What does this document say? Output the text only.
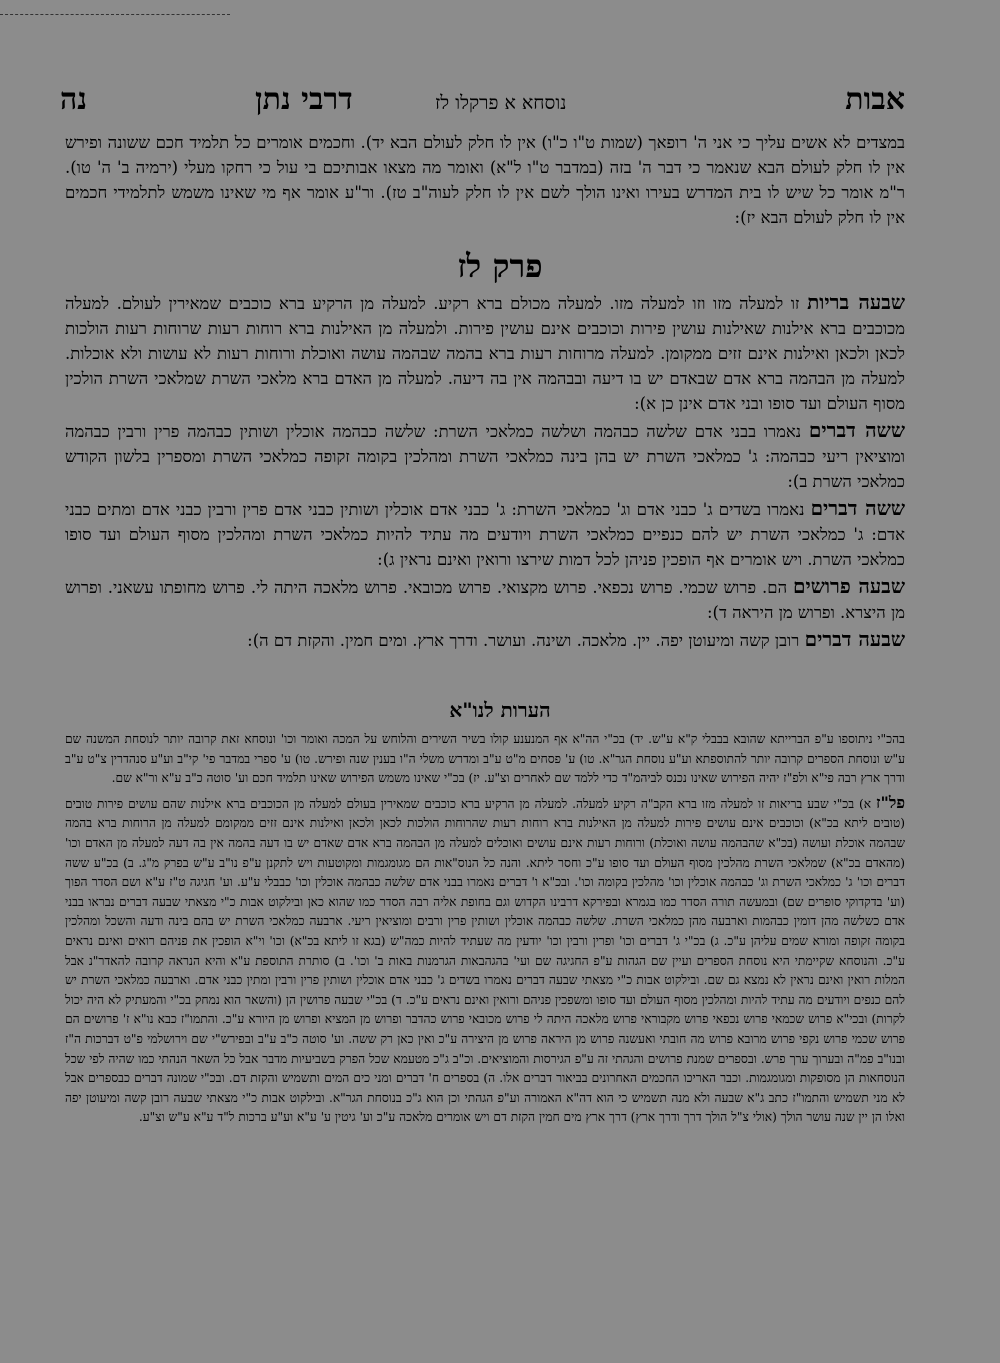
אבות
נוסחא א פרקלו לז
דרבי נתן
נה

במצדים לא אשים עליך כי אני ה' רופאך (שמות ט"ו כ"ו) אין לו חלק לעולם הבא יד). וחכמים אומרים כל תלמיד חכם ששונה ופירש אין לו חלק לעולם הבא שנאמר כי דבר ה' בזה (במדבר ט"ו ל"א) ואומר מה מצאו אבותיכם בי עול כי רחקו מעלי (ירמיה ב' ה' טו). ר"מ אומר כל שיש לו בית המדרש בעירו ואינו הולך לשם אין לו חלק לעוה"ב טז). ור"ע אומר אף מי שאינו משמש לתלמידי חכמים אין לו חלק לעולם הבא יז):

פרק לז

שבעה בריות זו למעלה מזו וזו למעלה מזו. למעלה מכולם ברא רקיע. למעלה מן הרקיע ברא כוכבים שמאירין לעולם. למעלה מכוכבים ברא אילנות שאילנות עושין פירות וכוכבים אינם עושין פירות. ולמעלה מן האילנות ברא רוחות רעות שרוחות רעות הולכות לכאן ולכאן ואילנות אינם זזים ממקומן. למעלה מרוחות רעות ברא בהמה שבהמה עושה ואוכלת ורוחות רעות לא עושות ולא אוכלות. למעלה מן הבהמה ברא אדם שבאדם יש בו דיעה ובבהמה אין בה דיעה. למעלה מן האדם ברא מלאכי השרת שמלאכי השרת הולכין מסוף העולם ועד סופו ובני אדם אינן כן א):

ששה דברים נאמרו בבני אדם שלשה כבהמה ושלשה כמלאכי השרת: שלשה כבהמה אוכלין ושותין כבהמה פרין ורבין כבהמה ומוציאין ריעי כבהמה: ג' כמלאכי השרת יש בהן בינה כמלאכי השרת ומהלכין בקומה זקופה כמלאכי השרת ומספרין בלשון הקודש כמלאכי השרת ב):

ששה דברים נאמרו בשדים ג' כבני אדם וג' כמלאכי השרת: ג' כבני אדם אוכלין ושותין כבני אדם פרין ורבין כבני אדם ומתים כבני אדם: ג' כמלאכי השרת יש להם כנפיים כמלאכי השרת ויודעים מה עתיד להיות כמלאכי השרת ומהלכין מסוף העולם ועד סופו כמלאכי השרת. ויש אומרים אף הופכין פניהן לכל דמות שירצו ורואין ואינם נראין ג):

שבעה פרושים הם. פרוש שכמי. פרוש נכפאי. פרוש מקצואי. פרוש מכובאי. פרוש מלאכה היתה לי. פרוש מחופתו עשאני. ופרוש מן היצרא. ופרוש מן היראה ד):

שבעה דברים רובן קשה ומיעוטן יפה. יין. מלאכה. ושינה. ועושר. ודרך ארץ. ומים חמין. והקזת דם ה):

הערות לנו"א

בהכ"י ניתוספו ע"פ הברייתא שהובא בבבלי ק"א ע"ש. יד) בכ"י הה"א אף המנענע קולו בשיר השירים והלוחש על המכה ואומר וכו' ונוסחא זאת קרובה יותר לנוסחת המשנה שם ע"ש ונוסחת הספרים קרובה יותר להתוספתא וע"ע נוסחת הגר"א. טו) ע' פסחים מ"ט ע"ב ומדרש משלי ה"ו בענין שנה ופירש. טו) ע' ספרי במדבר פי' קי"ב וע"ע סנהדרין צ"ט ע"ב ודרך ארץ רבה פי"א ולפ"ז יהיה הפירוש שאינו נכנס לביהמ"ד כדי ללמד שם לאחרים וצ"ע. יז) בכ"י שאינו משמש הפירוש שאינו תלמיד חכם וע' סוטה כ"ב ע"א ור"א שם.

פל"ז א) בכ"י שבע בריאות זו למעלה מזו ברא הקב"ה רקיע למעלה. למעלה מן הרקיע ברא כוכבים שמאירין בעולם למעלה מן הכוכבים ברא אילנות שהם עושים פירות טובים (טובים ליתא בכ"א) וכוכבים אינם עושים פירות למעלה מן האילנות ברא רוחות רעות שהרוחות הולכות לכאן ולכאן ואילנות אינם זזים ממקומם למעלה מן הרוחות ברא בהמה שבהמה אוכלת ועושה (בכ"א שהבהמה עושה ואוכלת) ורוחות רעות אינם עושים ואוכלים למעלה מן הבהמה ברא אדם שאדם יש בו דעה בהמה אין בה דעה למעלה מן האדם וכו' (מהאדם בכ"א) שמלאכי השרת מהלכין מסוף העולם ועד סופו ע"כ וחסר ליתא. והנה כל הנוס"אות הם מגומגמות ומקוטעות ויש לתקנן ע"פ נו"ב ע"ש בפרק מ"ג. ב) בכ"ע ששה דברים וכו' ג' כמלאכי השרת וג' כבהמה אוכלין וכו' מהלכין בקומה וכו'. ובכ"א ו' דברים נאמרו בבני אדם שלשה כבהמה אוכלין וכו' כבבלי ע"ע. וע' חגיגה ט"ז ע"א ושם הסדר הפוך (וע' בדקדוקי סופרים שם) ובמעשה תורה הסדר כמו בגמרא ובפירקא דרבינו הקדוש וגם בחופת אליה רבה הסדר כמו שהוא כאן ובילקוט אבות כ"י מצאתי שבעה דברים נבראו בבני אדם כשלשה מהן דומין כבהמות וארבעה מהן כמלאכי השרת. שלשה כבהמה אוכלין ושותין פרין ורבים ומוציאין ריעי. ארבעה כמלאכי השרת יש בהם בינה ודעה והשכל ומהלכין בקומה זקופה ומורא שמים עליהן ע"כ. ג) בכ"י ג' דברים וכו' ופרין ורבין וכו' יודעין מה שעתיד להיות כמה"ש (בגא זו ליתא בכ"א) וכו' וי"א הופכין את פניהם רואים ואינם נראים ע"כ. והנוסחא שקיימתי היא נוסחת הספרים ועיין שם הגהות ע"פ החגיגה שם ועי' בהגהבאות הגרמנות באות ב' וכו'. ב) סותרת התוספת ע"א והיא הנראה קרובה להאדר"נ אבל המלות רואין ואינם נראין לא נמצא גם שם. ובילקוט אבות כ"י מצאתי שבעה דברים נאמרו בשדים ג' כבני אדם אוכלין ושותין פרין ורבין ומתין כבני אדם. וארבעה כמלאכי השרת יש להם כנפים ויודעים מה עתיד להיות ומהלכין מסוף העולם ועד סופו ומשפכין פניהם ורואין ואינם נראים ע"כ. ד) בכ"י שבעה פרושין הן (והשאר הוא נמחק בכ"י והמעתיק לא היה יכול לקרות) ובכי"א פרוש שכמאי פרוש נכפאי פרוש מקבוראי פרוש מלאכה היתה לי פרוש מכובאי פרוש כהדבר ופרוש מן המציא ופרוש מן היורא ע"כ. והתמו"ז כבא נו"א ז' פרושים הם פרוש שכמי פרוש נקפי פרוש מרובא פרוש מה חובתי ואעשנה פרוש מן היראה פרוש מן היצירה ע"כ ואין כאן רק ששה. וע' סוטה כ"ב ע"ב ובפירש"י שם וירושלמי פ"ט דברכות ה"ז ובנו"ב פמ"ה ובערוך ערך פרש. ובספרים שמנת פרושים והגהתי זה ע"פ הגירסות והמוציאים. וכ"ב ג"כ מטעמא שכל הפרק בשביעיות מדבר אבל כל השאר הנהתי כמו שהיה לפי שכל הנוסחאות הן מסופקות ומגומגמות. וכבר האריכו החכמים האחרונים בביאור דברים אלו. ה) בספרים ח' דברים ומני כים המים ותשמיש והקזת דם. ובכ"י שמונה דברים כבספרים אבל לא מני תשמיש והתמו"ז כתב ג"א שבעה ולא מנה תשמיש כי הוא דה"א האמורה וע"פ הגהתי וכן הוא ג"כ בנוסחת הגר"א. ובילקוט אבות כ"י מצאתי שבעה רובן קשה ומיעוטן יפה ואלו הן יין שנה עושר הולך (אולי צ"ל הולך דרך ודרך ארץ) דרך ארץ מים חמין הקזת דם ויש אומרים מלאכה ע"כ וע' גיטין ע' ע"א וע"ע ברכות ל"ד ע"א ע"ש וצ"ע.
